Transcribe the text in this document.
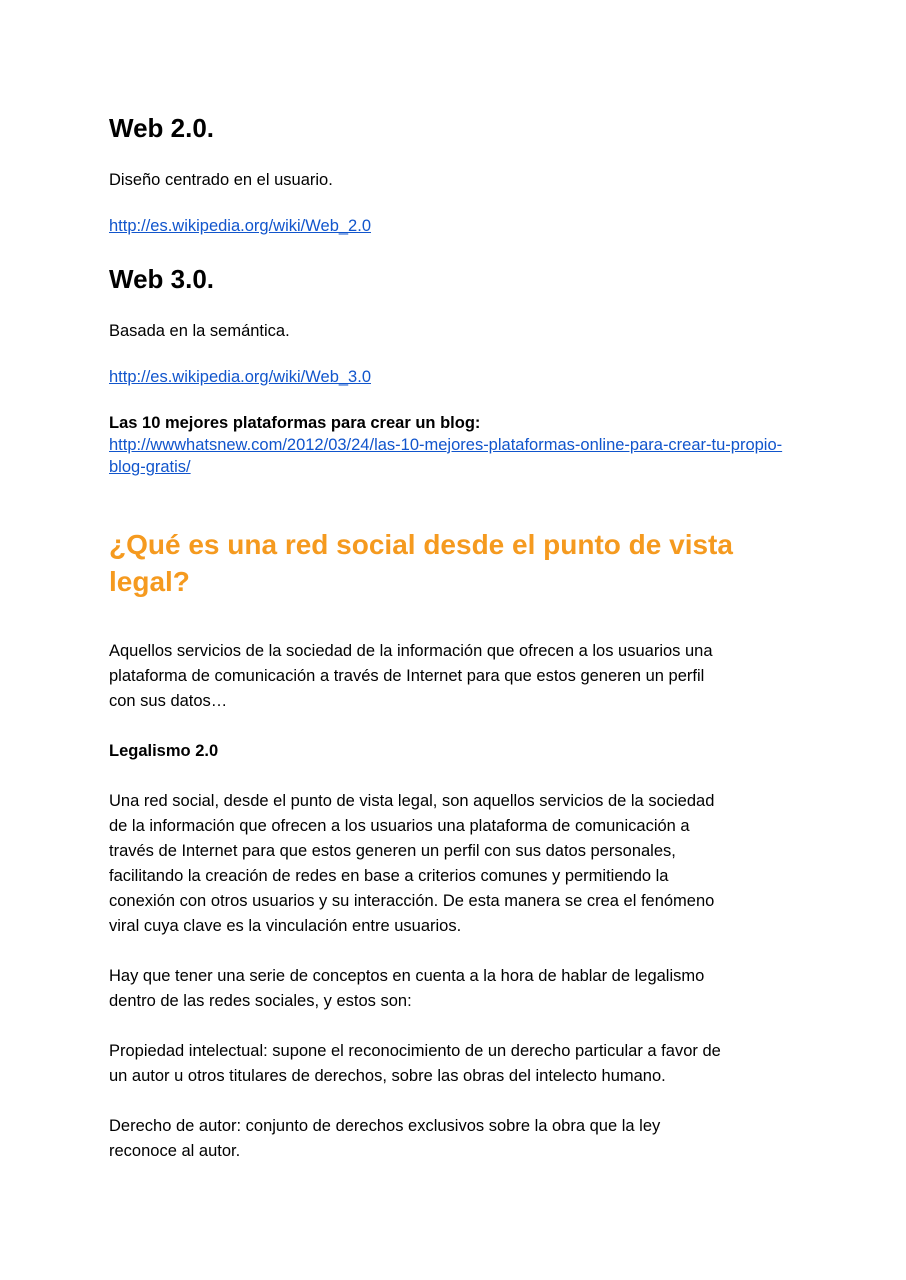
Web 2.0.
Diseño centrado en el usuario.
http://es.wikipedia.org/wiki/Web_2.0
Web 3.0.
Basada en la semántica.
http://es.wikipedia.org/wiki/Web_3.0
Las 10 mejores plataformas para crear un blog:
http://wwwhatsnew.com/2012/03/24/las-10-mejores-plataformas-online-para-crear-tu-propio-
blog-gratis/
¿Qué es una red social desde el punto de vista
legal?
Aquellos servicios de la sociedad de la información que ofrecen a los usuarios una
plataforma de comunicación a través de Internet para que estos generen un perfil
con sus datos…
Legalismo 2.0
Una red social, desde el punto de vista legal, son aquellos servicios de la sociedad
de la información que ofrecen a los usuarios una plataforma de comunicación a
través de Internet para que estos generen un perfil con sus datos personales,
facilitando la creación de redes en base a criterios comunes y permitiendo la
conexión con otros usuarios y su interacción. De esta manera se crea el fenómeno
viral cuya clave es la vinculación entre usuarios.
Hay que tener una serie de conceptos en cuenta a la hora de hablar de legalismo
dentro de las redes sociales, y estos son:
Propiedad intelectual: supone el reconocimiento de un derecho particular a favor de
un autor u otros titulares de derechos, sobre las obras del intelecto humano.
Derecho de autor: conjunto de derechos exclusivos sobre la obra que la ley
reconoce al autor.
